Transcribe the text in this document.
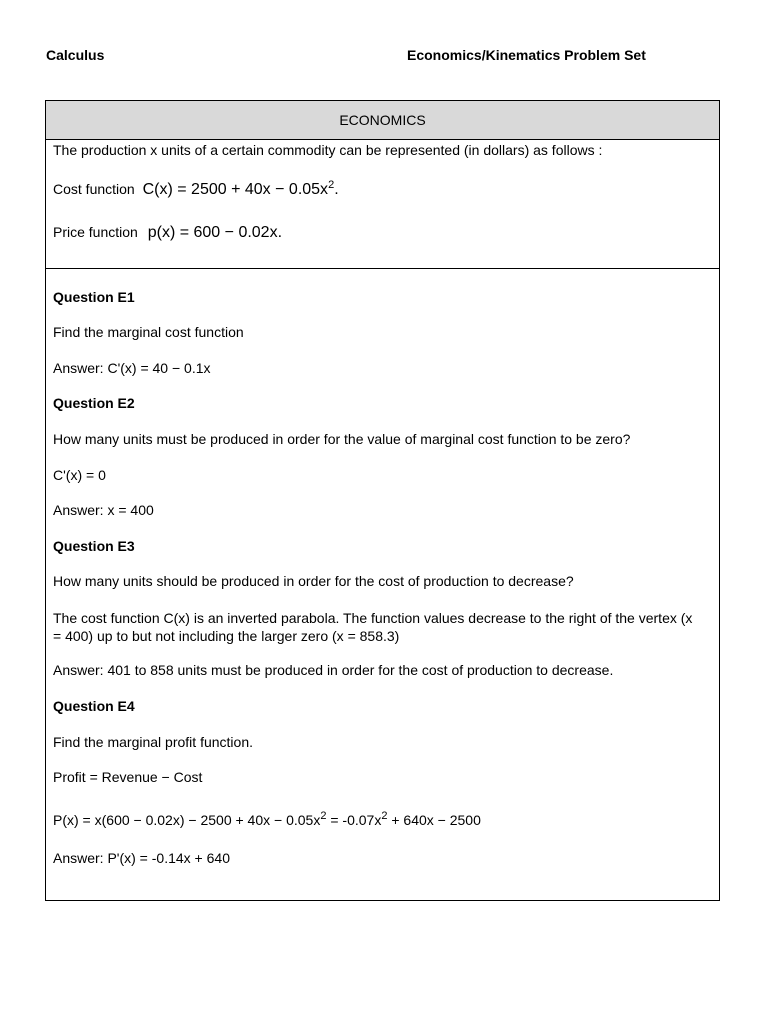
Calculus	Economics/Kinematics Problem Set
ECONOMICS
The production x units of a certain commodity can be represented (in dollars) as follows :
Cost function $C(x) = 2500 + 40x - 0.05x^2$.
Price function p(x) = 600 − 0.02x.
Question E1
Find the marginal cost function
Answer: C'(x) = 40 − 0.1x
Question E2
How many units must be produced in order for the value of marginal cost function to be zero?
C'(x) = 0
Answer: x = 400
Question E3
How many units should be produced in order for the cost of production to decrease?
The cost function C(x) is an inverted parabola. The function values decrease to the right of the vertex (x = 400) up to but not including the larger zero (x = 858.3)
Answer: 401 to 858 units must be produced in order for the cost of production to decrease.
Question E4
Find the marginal profit function.
Profit = Revenue − Cost
$P(x) = x(600 - 0.02x) - 2500 + 40x - 0.05x^2 = -0.07x^2 + 640x - 2500$
Answer: P'(x) = -0.14x + 640
